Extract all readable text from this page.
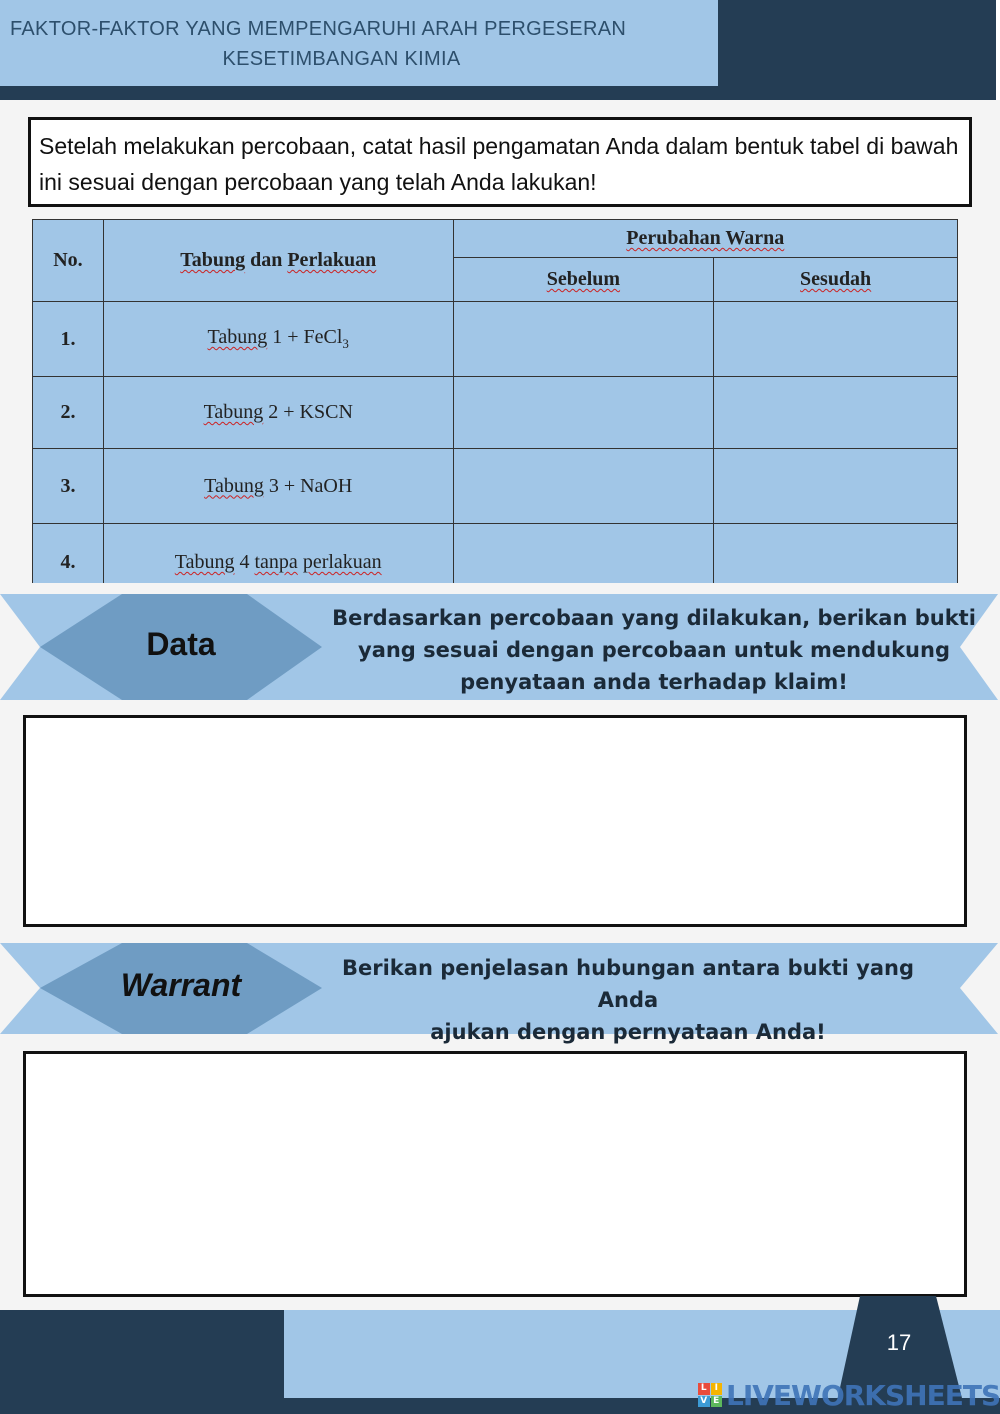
FAKTOR-FAKTOR YANG MEMPENGARUHI ARAH PERGESERAN
KESETIMBANGAN KIMIA
Setelah melakukan percobaan, catat hasil pengamatan Anda dalam bentuk tabel di bawah ini sesuai dengan percobaan yang telah Anda lakukan!
No.	Tabung dan Perlakuan	Perubahan Warna	
		Sebelum	Sesudah
1.	Tabung 1 + FeCl$_3$		
2.	Tabung 2 + KSCN		
3.	Tabung 3 + NaOH		
4.	Tabung 4 tanpa perlakuan		
Data
Berdasarkan percobaan yang dilakukan, berikan bukti
yang sesuai dengan percobaan untuk mendukung
penyataan anda terhadap klaim!
Warrant	Berikan penjelasan hubungan antara bukti yang Anda
ajukan dengan pernyataan Anda!
17
L I
V E LIVEWORKSHEETS
